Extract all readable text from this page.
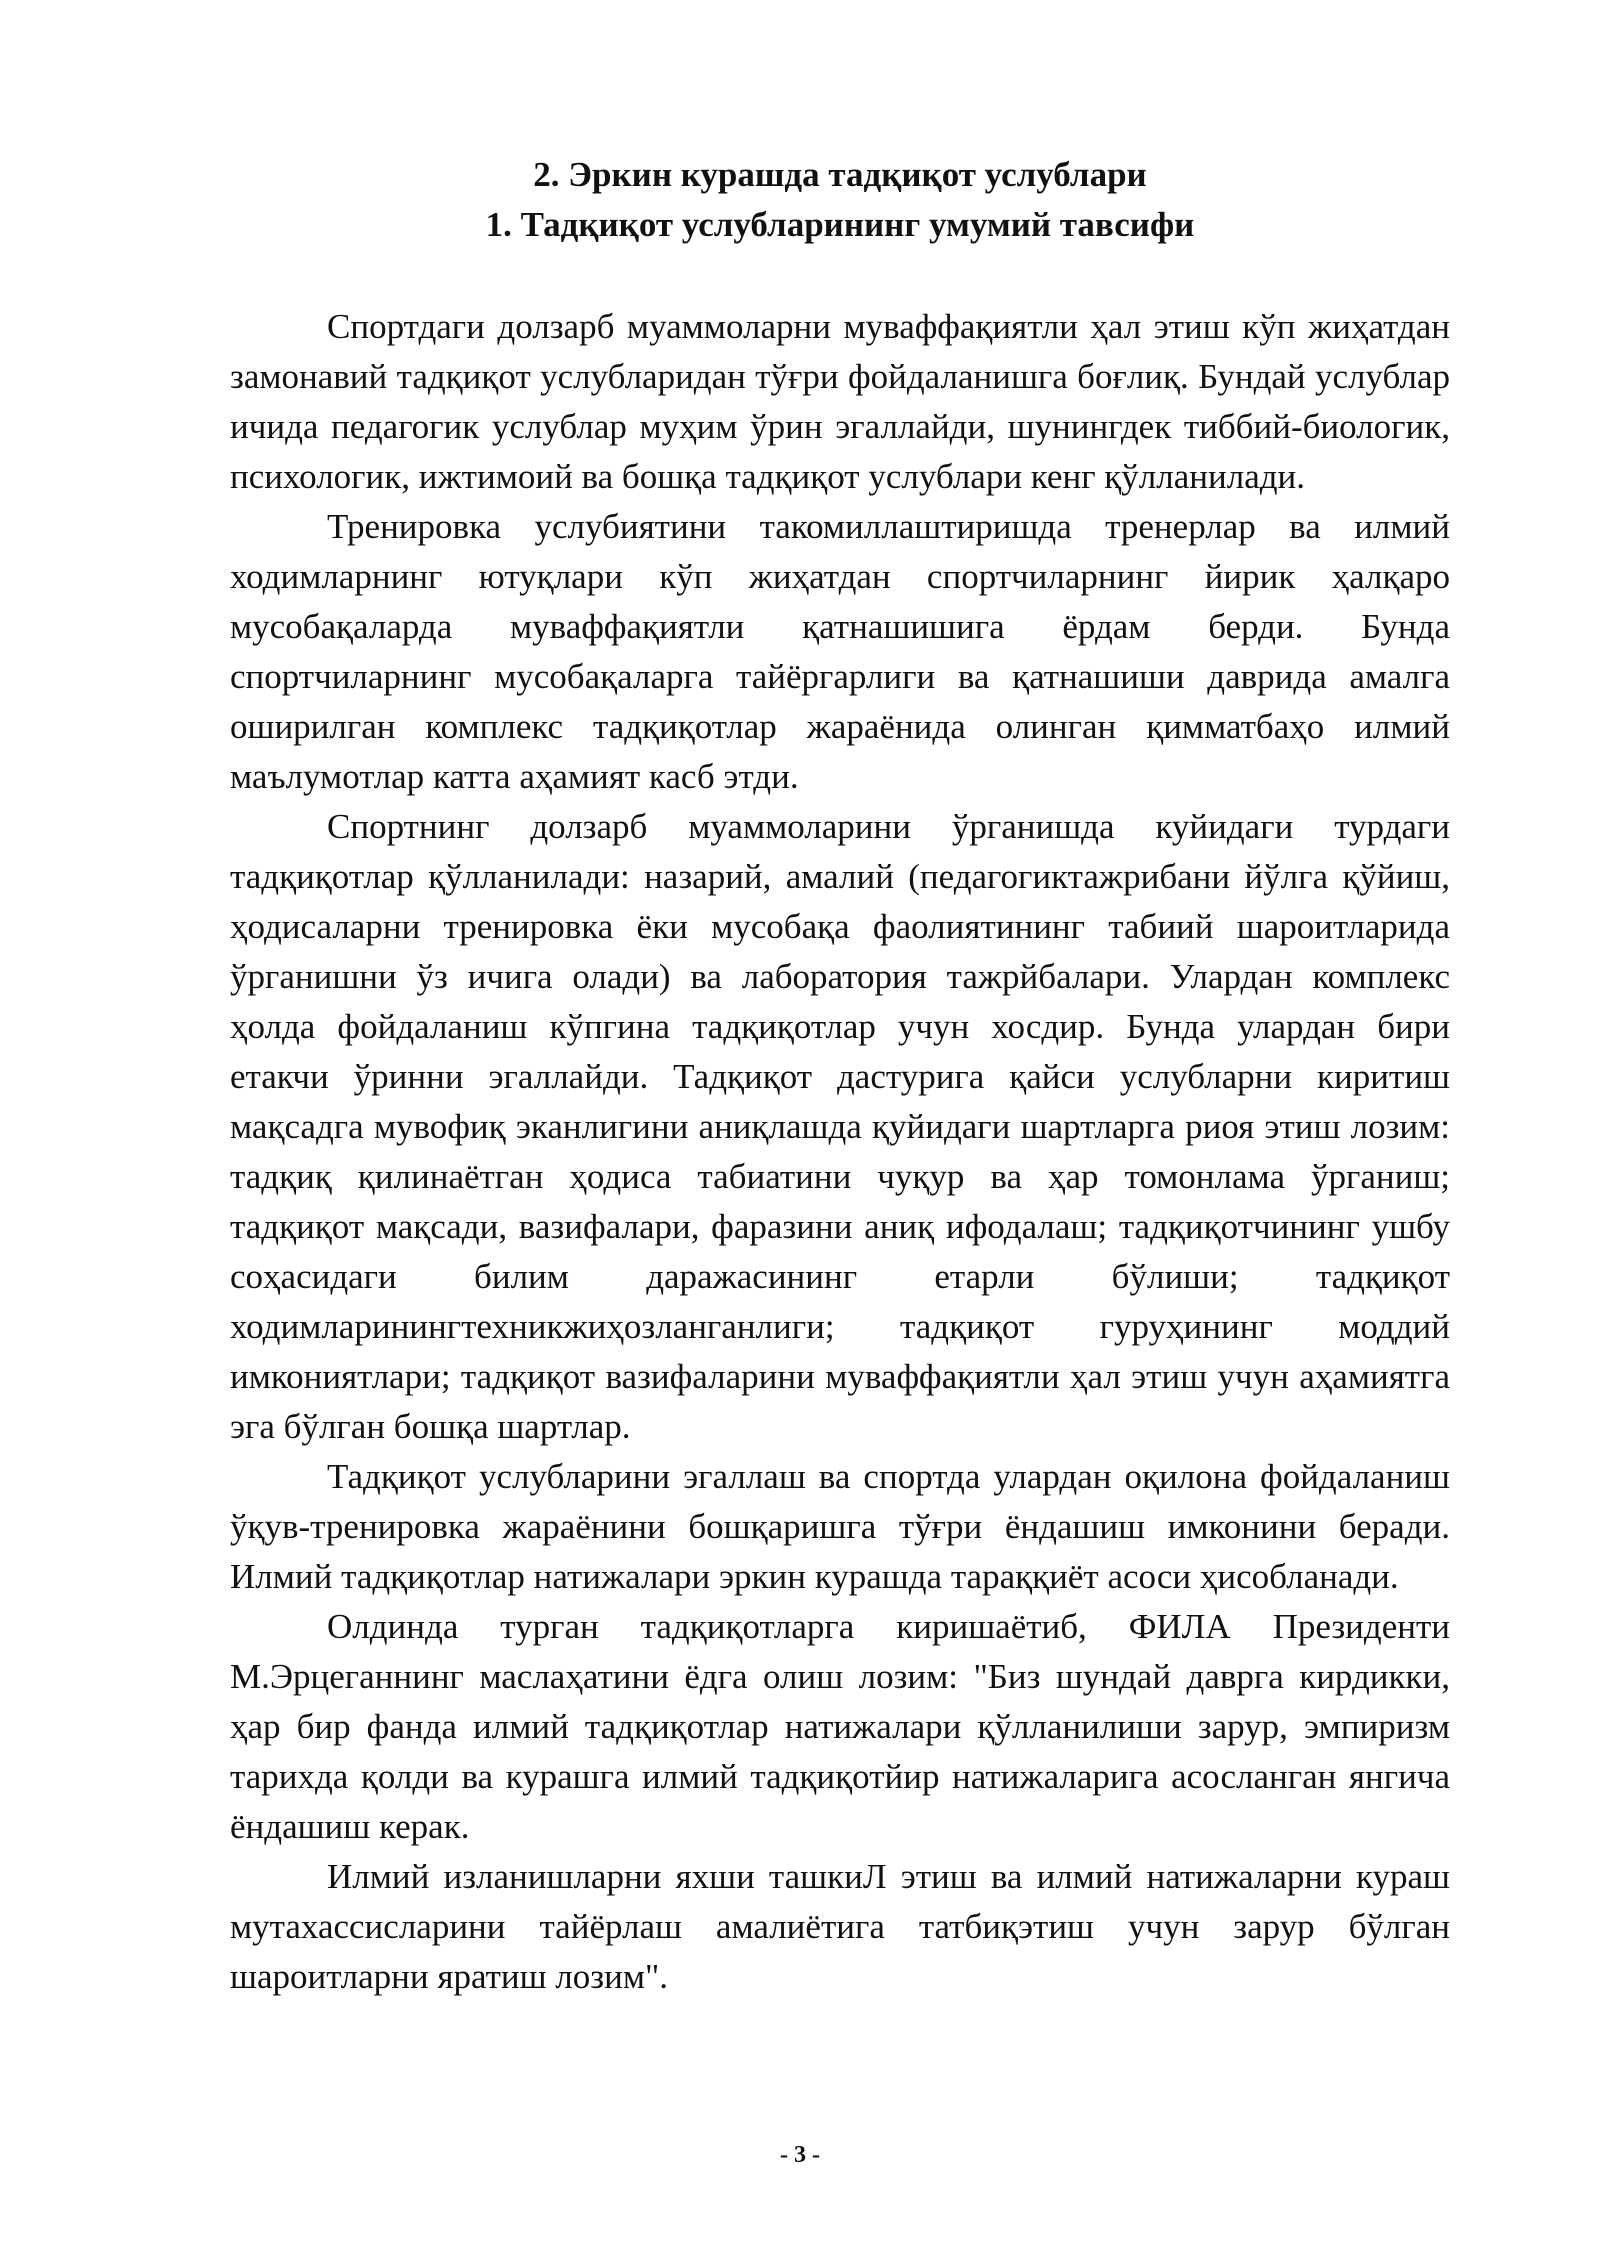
2. Эркин курашда тадқиқот услублари

1. Тадқиқот услубларининг умумий тавсифи

Спортдаги долзарб муаммоларни муваффақиятли ҳал этиш кўп жиҳатдан замонавий тадқиқот услубларидан тўғри фойдаланишга боғлиқ. Бундай услублар ичида педагогик услублар муҳим ўрин эгаллайди, шунингдек тиббий-биологик, психологик, ижтимоий ва бошқа тадқиқот услублари кенг қўлланилади.

Тренировка услубиятини такомиллаштиришда тренерлар ва илмий ходимларнинг ютуқлари кўп жиҳатдан спортчиларнинг йирик ҳалқаро мусобақаларда муваффақиятли қатнашишига ёрдам берди. Бунда спортчиларнинг мусобақаларга тайёргарлиги ва қатнашиши даврида амалга оширилган комплекс тадқиқотлар жараёнида олинган қимматбаҳо илмий маълумотлар катта аҳамият касб этди.

Спортнинг долзарб муаммоларини ўрганишда куйидаги турдаги тадқиқотлар қўлланилади: назарий, амалий (педагогиктажрибани йўлга қўйиш, ҳодисаларни тренировка ёки мусобақа фаолиятининг табиий шароитларида ўрганишни ўз ичига олади) ва лаборатория тажрйбалари. Улардан комплекс ҳолда фойдаланиш кўпгина тадқиқотлар учун хосдир. Бунда улардан бири етакчи ўринни эгаллайди. Тадқиқот дастурига қайси услубларни киритиш мақсадга мувофиқ эканлигини аниқлашда қуйидаги шартларга риоя этиш лозим: тадқиқ қилинаётган ҳодиса табиатини чуқур ва ҳар томонлама ўрганиш; тадқиқот мақсади, вазифалари, фаразини аниқ ифодалаш; тадқиқотчининг ушбу соҳасидаги билим даражасининг етарли бўлиши; тадқиқот ходимларинингтехникжиҳозланганлиги; тадқиқот гуруҳининг моддий имкониятлари; тадқиқот вазифаларини муваффақиятли ҳал этиш учун аҳамиятга эга бўлган бошқа шартлар.

Тадқиқот услубларини эгаллаш ва спортда улардан оқилона фойдаланиш ўқув-тренировка жараёнини бошқаришга тўғри ёндашиш имконини беради. Илмий тадқиқотлар натижалари эркин курашда тараққиёт асоси ҳисобланади.

Олдинда турган тадқиқотларга киришаётиб, ФИЛА Президенти М.Эрцеганнинг маслаҳатини ёдга олиш лозим: "Биз шундай даврга кирдикки, ҳар бир фанда илмий тадқиқотлар натижалари қўлланилиши зарур, эмпиризм тарихда қолди ва курашга илмий тадқиқотйир натижаларига асосланган янгича ёндашиш керак.

Илмий изланишларни яхши ташкиЛ этиш ва илмий натижаларни кураш мутахассисларини тайёрлаш амалиётига татбиқэтиш учун зарур бўлган шароитларни яратиш лозим".

- 3 -
